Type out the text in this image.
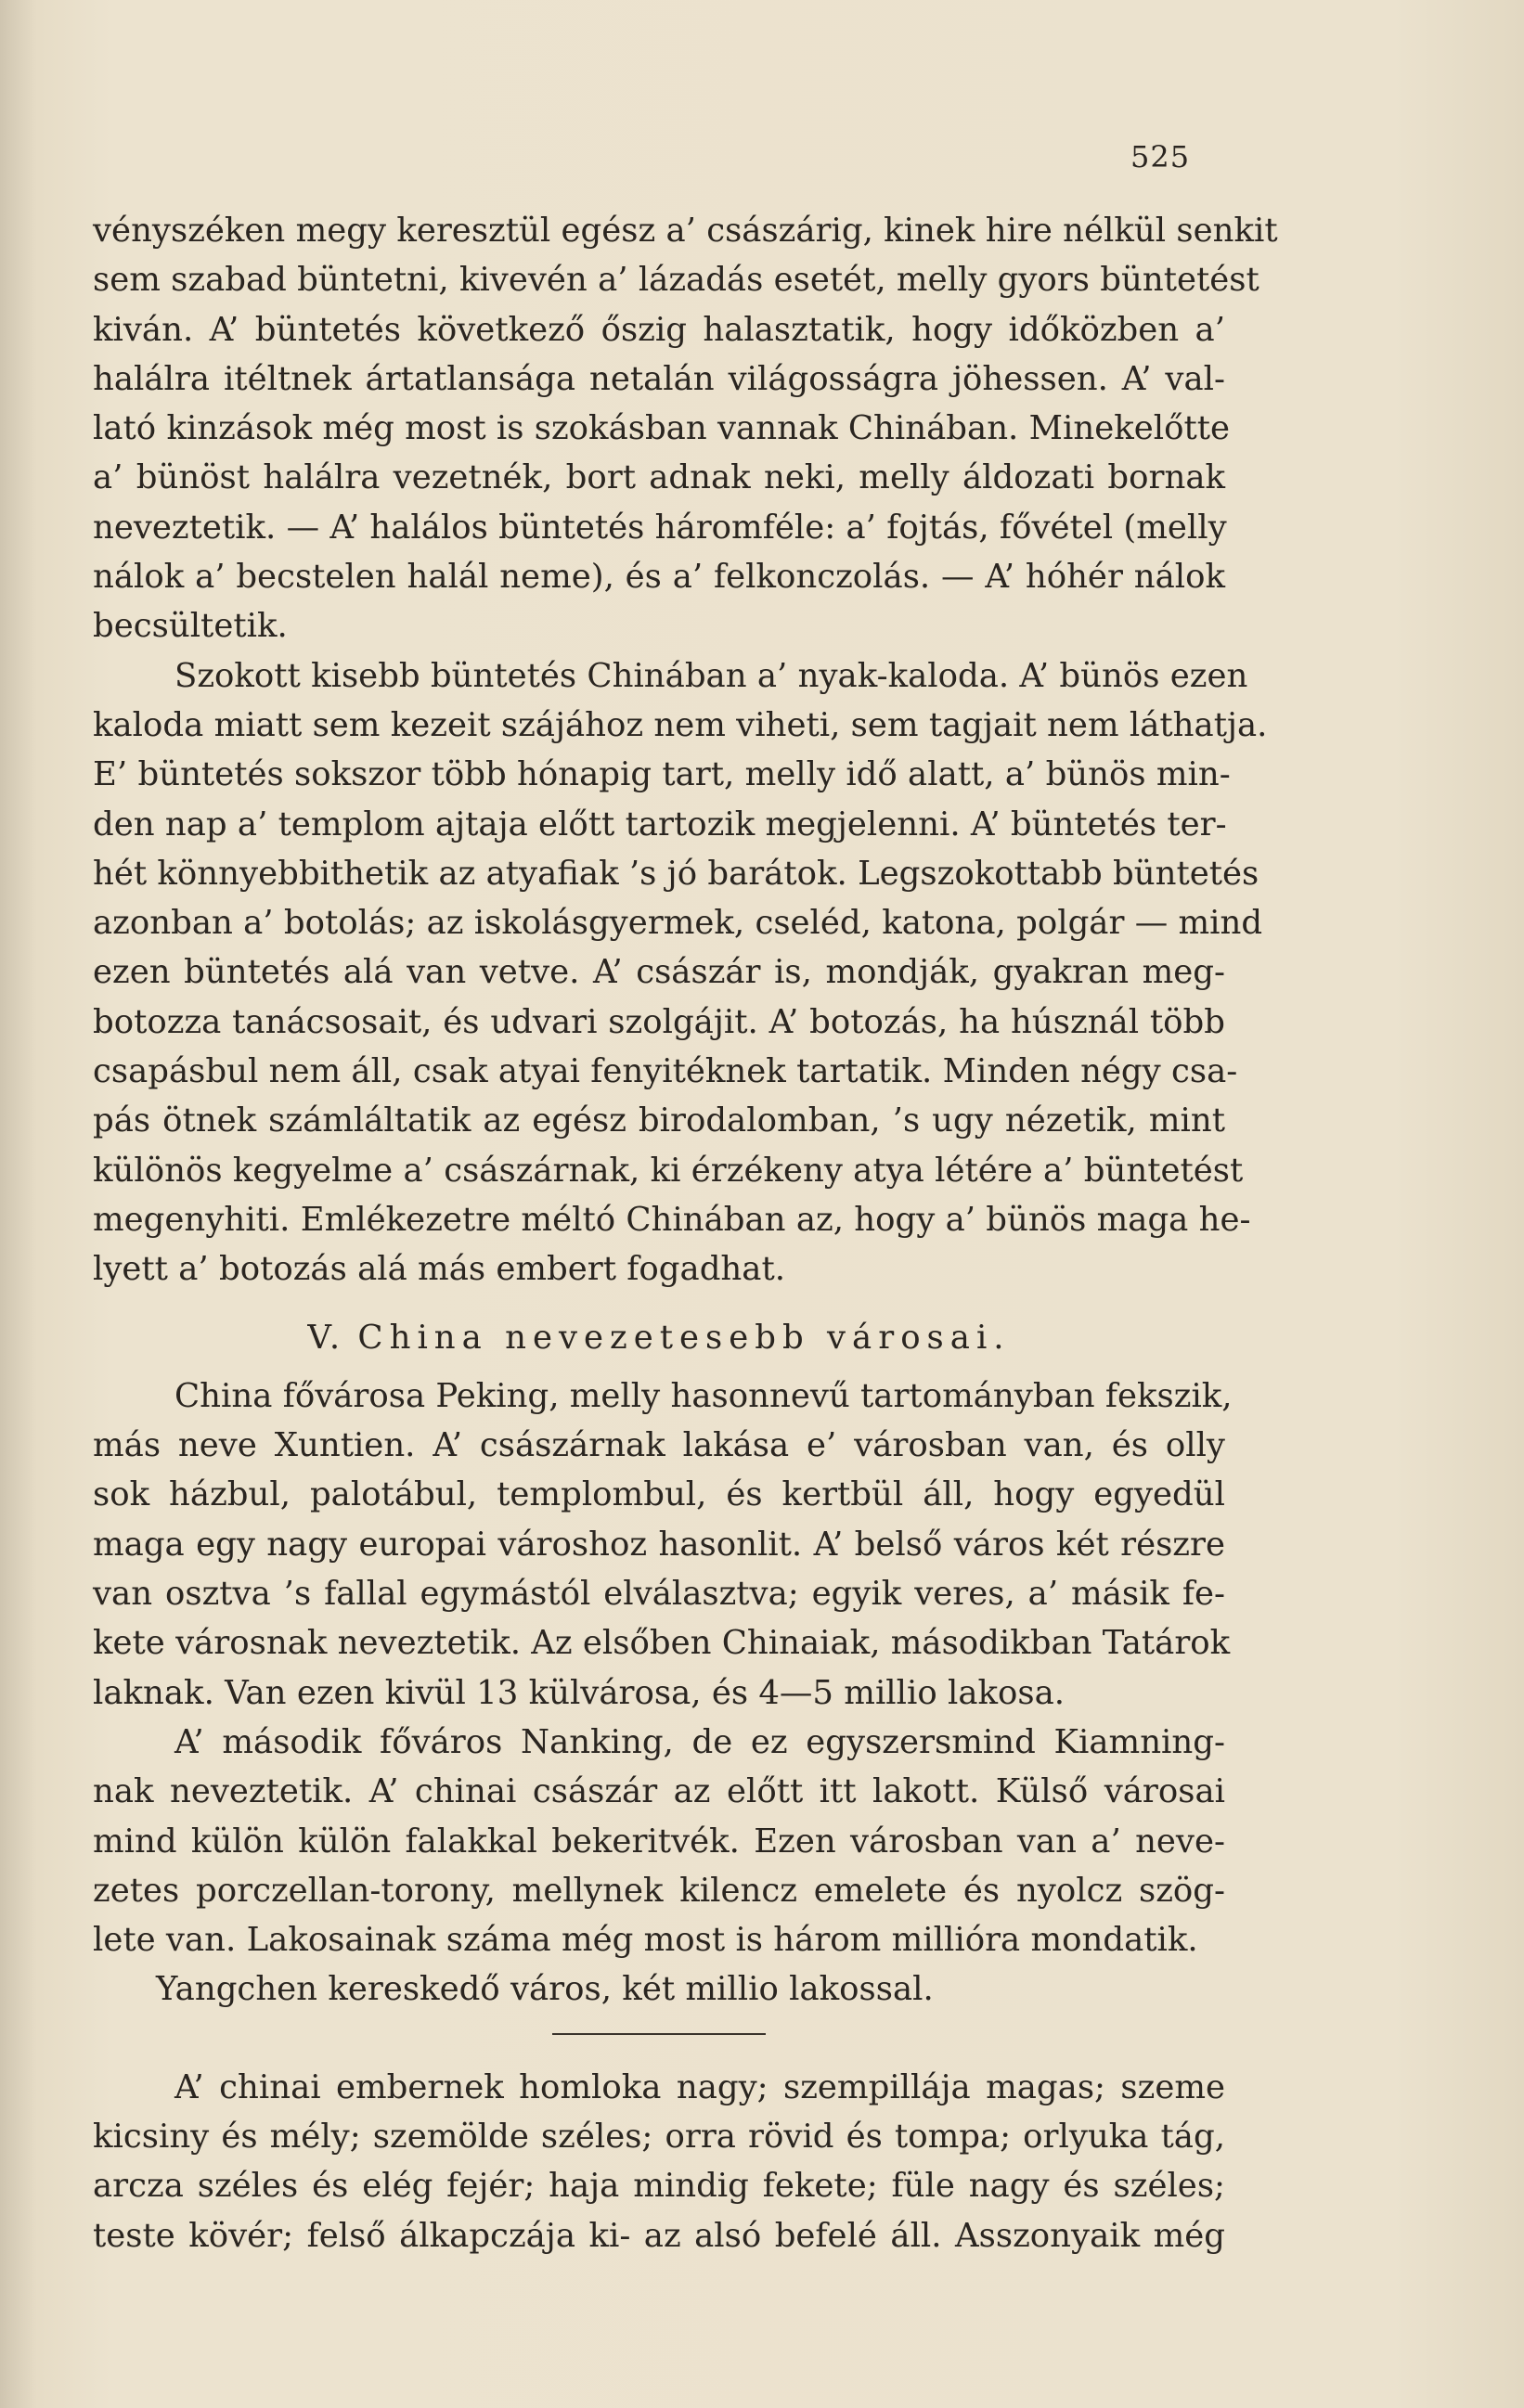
525

vényszéken megy keresztül egész a’ császárig, kinek hire nélkül senkit
sem szabad büntetni, kivevén a’ lázadás esetét, melly gyors büntetést
kiván. A’ büntetés következő őszig halasztatik, hogy időközben a’
halálra itéltnek ártatlansága netalán világosságra jöhessen. A’ val-
lató kinzások még most is szokásban vannak Chinában. Minekelőtte
a’ bünöst halálra vezetnék, bort adnak neki, melly áldozati bornak
neveztetik. — A’ halálos büntetés háromféle: a’ fojtás, fővétel (melly
nálok a’ becstelen halál neme), és a’ felkonczolás. — A’ hóhér nálok
becsültetik.

Szokott kisebb büntetés Chinában a’ nyak-kaloda. A’ bünös ezen
kaloda miatt sem kezeit szájához nem viheti, sem tagjait nem láthatja.
E’ büntetés sokszor több hónapig tart, melly idő alatt, a’ bünös min-
den nap a’ templom ajtaja előtt tartozik megjelenni. A’ büntetés ter-
hét könnyebbithetik az atyafiak ’s jó barátok. Legszokottabb büntetés
azonban a’ botolás; az iskolásgyermek, cseléd, katona, polgár — mind
ezen büntetés alá van vetve. A’ császár is, mondják, gyakran meg-
botozza tanácsosait, és udvari szolgájit. A’ botozás, ha húsznál több
csapásbul nem áll, csak atyai fenyitéknek tartatik. Minden négy csa-
pás ötnek számláltatik az egész birodalomban, ’s ugy nézetik, mint
különös kegyelme a’ császárnak, ki érzékeny atya létére a’ büntetést
megenyhiti. Emlékezetre méltó Chinában az, hogy a’ bünös maga he-
lyett a’ botozás alá más embert fogadhat.

V. China nevezetesebb városai.

China fővárosa Peking, melly hasonnevű tartományban fekszik,
más neve Xuntien. A’ császárnak lakása e’ városban van, és olly
sok házbul, palotábul, templombul, és kertbül áll, hogy egyedül
maga egy nagy europai városhoz hasonlit. A’ belső város két részre
van osztva ’s fallal egymástól elválasztva; egyik veres, a’ másik fe-
kete városnak neveztetik. Az elsőben Chinaiak, másodikban Tatárok
laknak. Van ezen kivül 13 külvárosa, és 4—5 millio lakosa.

A’ második főváros Nanking, de ez egyszersmind Kiamning-
nak neveztetik. A’ chinai császár az előtt itt lakott. Külső városai
mind külön külön falakkal bekeritvék. Ezen városban van a’ neve-
zetes porczellan-torony, mellynek kilencz emelete és nyolcz szög-
lete van. Lakosainak száma még most is három millióra mondatik.

Yangchen kereskedő város, két millio lakossal.

A’ chinai embernek homloka nagy; szempillája magas; szeme
kicsiny és mély; szemölde széles; orra rövid és tompa; orlyuka tág,
arcza széles és elég fejér; haja mindig fekete; füle nagy és széles;
teste kövér; felső álkapczája ki- az alsó befelé áll. Asszonyaik még
